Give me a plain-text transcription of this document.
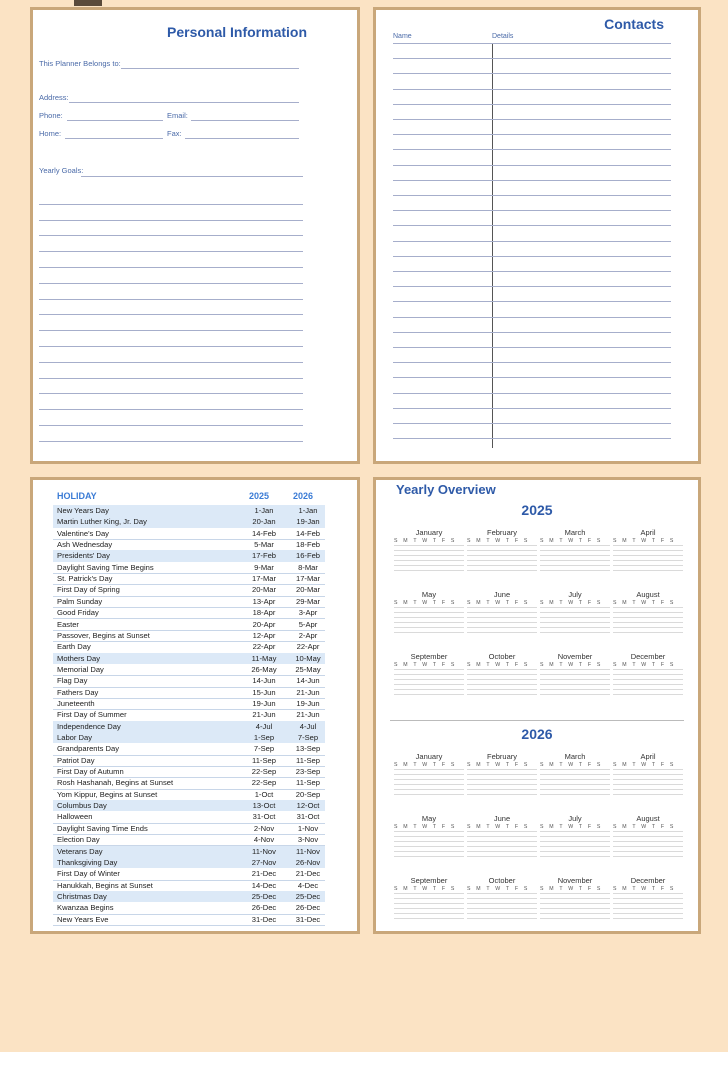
Personal Information
This Planner Belongs to:
Address:
Phone:	Email:
Home:	Fax:
Yearly Goals:
Contacts
Name	Details
HOLIDAY	2025	2026
New Years Day	1-Jan	1-Jan
Martin Luther King, Jr. Day	20-Jan	19-Jan
Valentine's Day	14-Feb	14-Feb
Ash Wednesday	5-Mar	18-Feb
Presidents' Day	17-Feb	16-Feb
Daylight Saving Time Begins	9-Mar	8-Mar
St. Patrick's Day	17-Mar	17-Mar
First Day of Spring	20-Mar	20-Mar
Palm Sunday	13-Apr	29-Mar
Good Friday	18-Apr	3-Apr
Easter	20-Apr	5-Apr
Passover, Begins at Sunset	12-Apr	2-Apr
Earth Day	22-Apr	22-Apr
Mothers Day	11-May	10-May
Memorial Day	26-May	25-May
Flag Day	14-Jun	14-Jun
Fathers Day	15-Jun	21-Jun
Juneteenth	19-Jun	19-Jun
First Day of Summer	21-Jun	21-Jun
Independence Day	4-Jul	4-Jul
Labor Day	1-Sep	7-Sep
Grandparents Day	7-Sep	13-Sep
Patriot Day	11-Sep	11-Sep
First Day of Autumn	22-Sep	23-Sep
Rosh Hashanah, Begins at Sunset	22-Sep	11-Sep
Yom Kippur, Begins at Sunset	1-Oct	20-Sep
Columbus Day	13-Oct	12-Oct
Halloween	31-Oct	31-Oct
Daylight Saving Time Ends	2-Nov	1-Nov
Election Day	4-Nov	3-Nov
Veterans Day	11-Nov	11-Nov
Thanksgiving Day	27-Nov	26-Nov
First Day of Winter	21-Dec	21-Dec
Hanukkah, Begins at Sunset	14-Dec	4-Dec
Christmas Day	25-Dec	25-Dec
Kwanzaa Begins	26-Dec	26-Dec
New Years Eve	31-Dec	31-Dec
Yearly Overview
2025
January
S M T W T F S
February
S M T W T F S
March
S M T W T F S
April
S M T W T F S
May
S M T W T F S
June
S M T W T F S
July
S M T W T F S
August
S M T W T F S
September
S M T W T F S
October
S M T W T F S
November
S M T W T F S
December
S M T W T F S
2026
January
S M T W T F S
February
S M T W T F S
March
S M T W T F S
April
S M T W T F S
May
S M T W T F S
June
S M T W T F S
July
S M T W T F S
August
S M T W T F S
September
S M T W T F S
October
S M T W T F S
November
S M T W T F S
December
S M T W T F S
